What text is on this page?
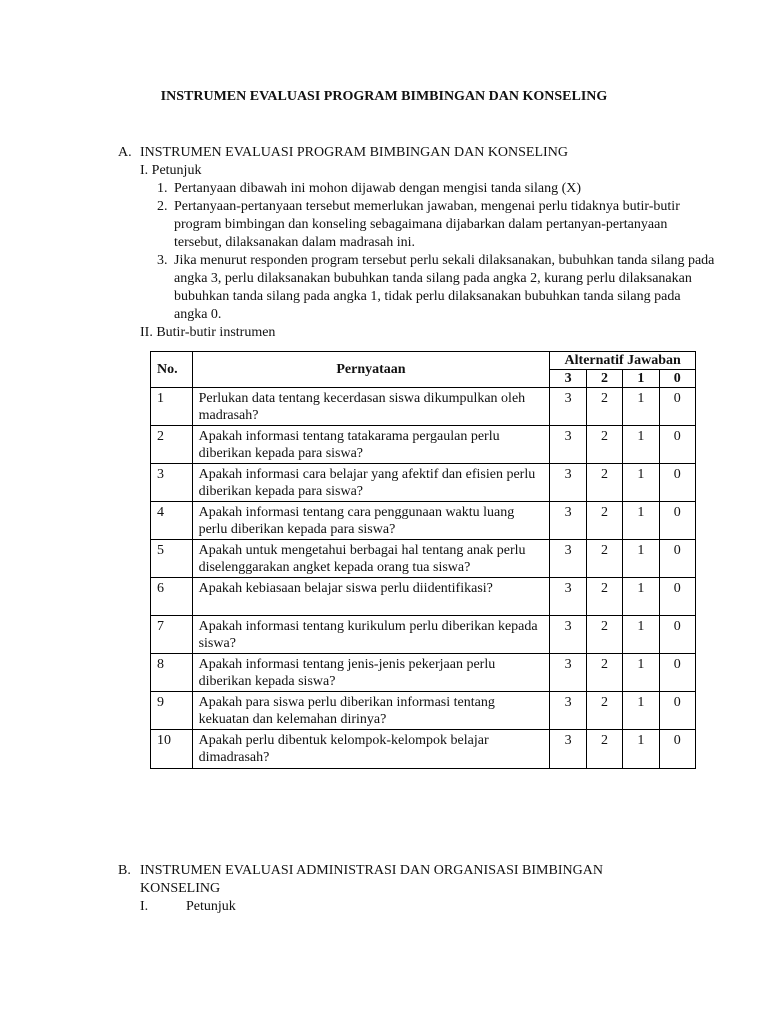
INSTRUMEN EVALUASI PROGRAM BIMBINGAN DAN KONSELING
A. INSTRUMEN EVALUASI PROGRAM BIMBINGAN DAN KONSELING
I. Petunjuk

1. Pertanyaan dibawah ini mohon dijawab dengan mengisi tanda silang (X)

2. Pertanyaan-pertanyaan tersebut memerlukan jawaban, mengenai perlu tidaknya butir-butir program bimbingan dan konseling sebagaimana dijabarkan dalam pertanyan-pertanyaan tersebut, dilaksanakan dalam madrasah ini.

3. Jika menurut responden program tersebut perlu sekali dilaksanakan, bubuhkan tanda silang pada angka 3, perlu dilaksanakan bubuhkan tanda silang pada angka 2, kurang perlu dilaksanakan bubuhkan tanda silang pada angka 1, tidak perlu dilaksanakan bubuhkan tanda silang pada angka 0.

II. Butir-butir instrumen
No.	Pernyataan	Alternatif Jawaban			
		3	2	1	0
1	Perlukan data tentang kecerdasan siswa dikumpulkan oleh madrasah?	3	2	1	0
2	Apakah informasi tentang tatakarama pergaulan perlu diberikan kepada para siswa?	3	2	1	0
3	Apakah informasi cara belajar yang afektif dan efisien perlu diberikan kepada para siswa?	3	2	1	0
4	Apakah informasi tentang cara penggunaan waktu luang perlu diberikan kepada para siswa?	3	2	1	0
5	Apakah untuk mengetahui berbagai hal tentang anak perlu diselenggarakan angket kepada orang tua siswa?	3	2	1	0
6	Apakah kebiasaan belajar siswa perlu diidentifikasi?	3	2	1	0
7	Apakah informasi tentang kurikulum perlu diberikan kepada siswa?	3	2	1	0
8	Apakah informasi tentang jenis-jenis pekerjaan perlu diberikan kepada siswa?	3	2	1	0
9	Apakah para siswa perlu diberikan informasi tentang kekuatan dan kelemahan dirinya?	3	2	1	0
10	Apakah perlu dibentuk kelompok-kelompok belajar dimadrasah?	3	2	1	0
B. INSTRUMEN EVALUASI ADMINISTRASI DAN ORGANISASI BIMBINGAN KONSELING
I.	Petunjuk
